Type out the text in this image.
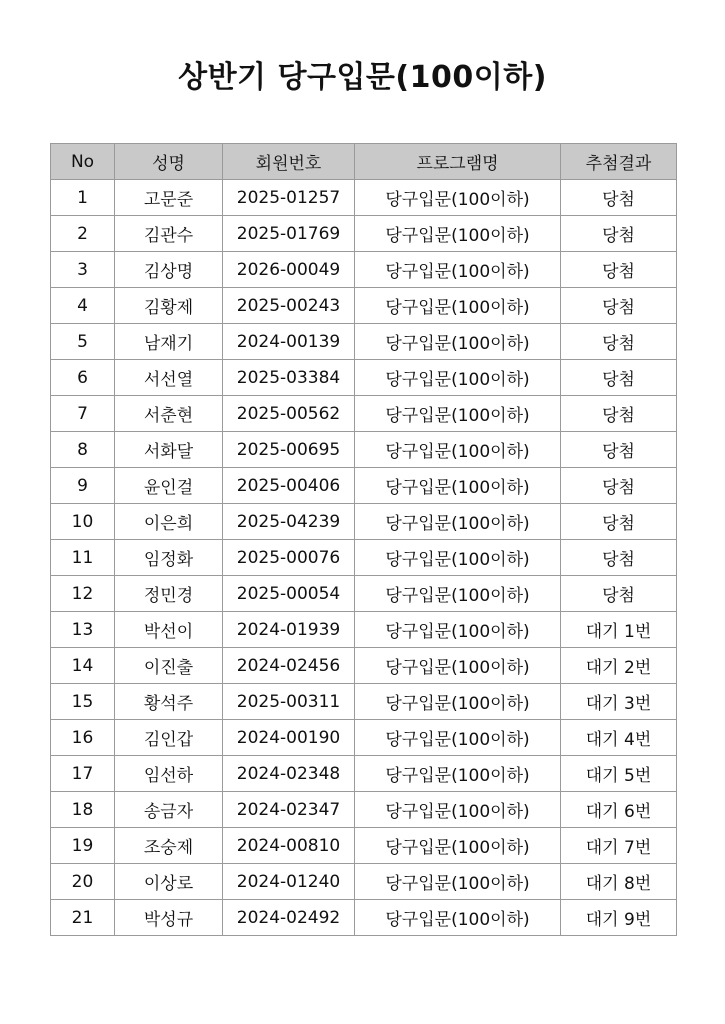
상반기 당구입문(100이하)
No	성명	회원번호	프로그램명	추첨결과
1	고문준	2025-01257	당구입문(100이하)	당첨
2	김관수	2025-01769	당구입문(100이하)	당첨
3	김상명	2026-00049	당구입문(100이하)	당첨
4	김황제	2025-00243	당구입문(100이하)	당첨
5	남재기	2024-00139	당구입문(100이하)	당첨
6	서선열	2025-03384	당구입문(100이하)	당첨
7	서춘현	2025-00562	당구입문(100이하)	당첨
8	서화달	2025-00695	당구입문(100이하)	당첨
9	윤인걸	2025-00406	당구입문(100이하)	당첨
10	이은희	2025-04239	당구입문(100이하)	당첨
11	임정화	2025-00076	당구입문(100이하)	당첨
12	정민경	2025-00054	당구입문(100이하)	당첨
13	박선이	2024-01939	당구입문(100이하)	대기 1번
14	이진출	2024-02456	당구입문(100이하)	대기 2번
15	황석주	2025-00311	당구입문(100이하)	대기 3번
16	김인갑	2024-00190	당구입문(100이하)	대기 4번
17	임선하	2024-02348	당구입문(100이하)	대기 5번
18	송금자	2024-02347	당구입문(100이하)	대기 6번
19	조숭제	2024-00810	당구입문(100이하)	대기 7번
20	이상로	2024-01240	당구입문(100이하)	대기 8번
21	박성규	2024-02492	당구입문(100이하)	대기 9번
